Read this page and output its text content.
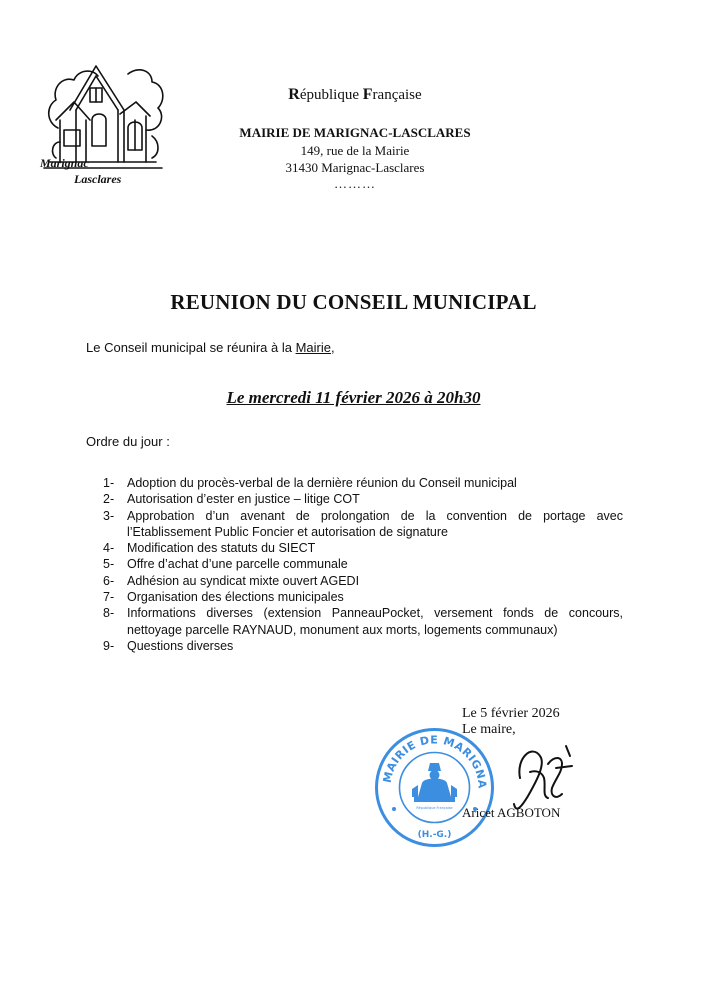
Marignac
Lasclares
République Française
MAIRIE DE MARIGNAC-LASCLARES
149, rue de la Mairie
31430 Marignac-Lasclares
………
REUNION DU CONSEIL MUNICIPAL
Le Conseil municipal se réunira à la Mairie,
Le mercredi 11 février 2026 à 20h30
Ordre du jour :
1-	Adoption du procès-verbal de la dernière réunion du Conseil municipal
2-	Autorisation d’ester en justice – litige COT
3-	Approbation d’un avenant de prolongation de la convention de portage avec
l’Etablissement Public Foncier et autorisation de signature
4-	Modification des statuts du SIECT
5-	Offre d’achat d’une parcelle communale
6-	Adhésion au syndicat mixte ouvert AGEDI
7-	Organisation des élections municipales
8-	Informations diverses (extension PanneauPocket, versement fonds de concours,
nettoyage parcelle RAYNAUD, monument aux morts, logements communaux)
9-	Questions diverses
Le 5 février 2026
Le maire,
MAIRIE DE MARIGNA
République Française
(H.-G.)
Aricet AGBOTON
